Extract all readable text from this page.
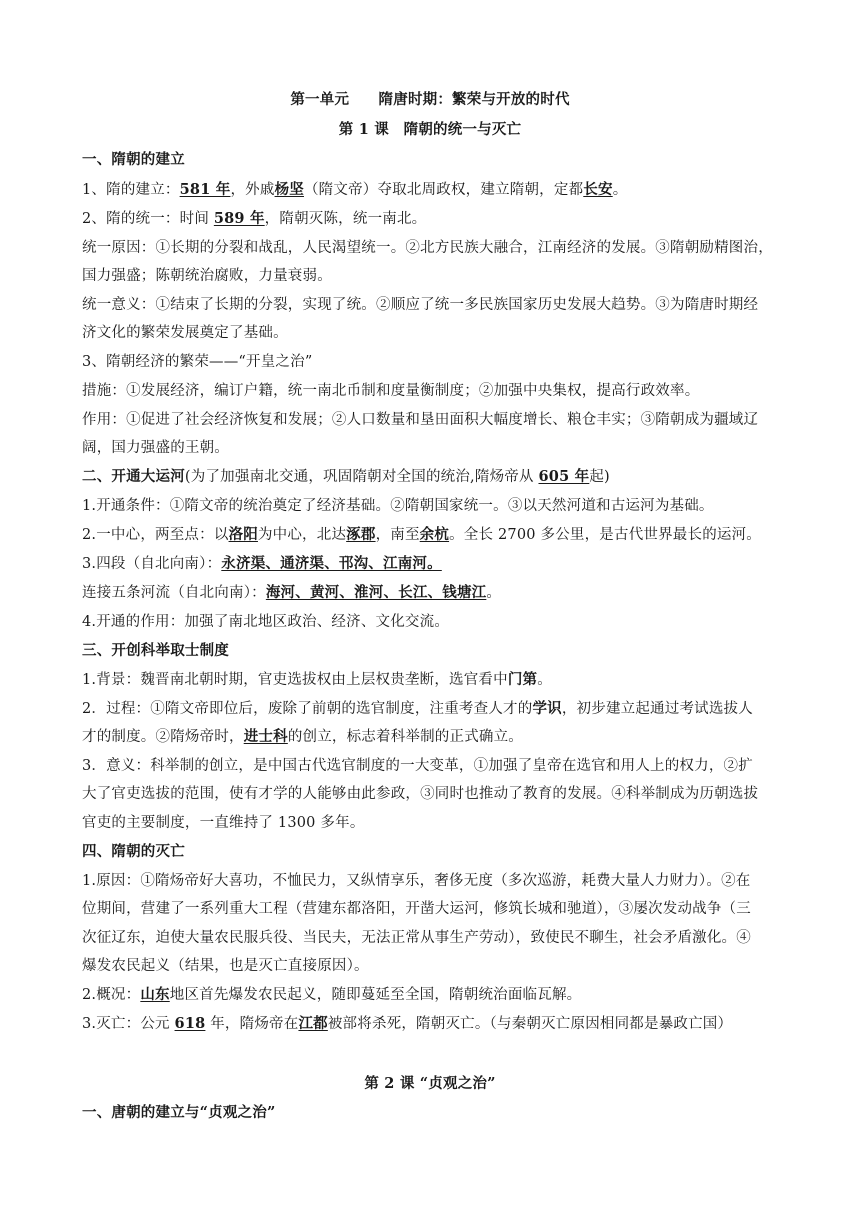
第一单元　　隋唐时期：繁荣与开放的时代
第 1 课　隋朝的统一与灭亡
一、隋朝的建立
1、隋的建立：581 年，外戚杨坚（隋文帝）夺取北周政权，建立隋朝，定都长安。
2、隋的统一：时间 589 年，隋朝灭陈，统一南北。
统一原因：①长期的分裂和战乱，人民渴望统一。②北方民族大融合，江南经济的发展。③隋朝励精图治，
国力强盛；陈朝统治腐败，力量衰弱。
统一意义：①结束了长期的分裂，实现了统。②顺应了统一多民族国家历史发展大趋势。③为隋唐时期经
济文化的繁荣发展奠定了基础。
3、隋朝经济的繁荣——“开皇之治”
措施：①发展经济，编订户籍，统一南北币制和度量衡制度；②加强中央集权，提高行政效率。
作用：①促进了社会经济恢复和发展；②人口数量和垦田面积大幅度增长、粮仓丰实；③隋朝成为疆域辽
阔，国力强盛的王朝。
二、开通大运河(为了加强南北交通，巩固隋朝对全国的统治,隋炀帝从 605 年起)
1.开通条件：①隋文帝的统治奠定了经济基础。②隋朝国家统一。③以天然河道和古运河为基础。
2.一中心，两至点：以洛阳为中心，北达涿郡，南至余杭。全长 2700 多公里，是古代世界最长的运河。
3.四段（自北向南）：永济渠、通济渠、邗沟、江南河。
连接五条河流（自北向南）：海河、黄河、淮河、长江、钱塘江。
4.开通的作用：加强了南北地区政治、经济、文化交流。
三、开创科举取士制度
1.背景：魏晋南北朝时期，官吏选拔权由上层权贵垄断，选官看中门第。
2．过程：①隋文帝即位后，废除了前朝的选官制度，注重考查人才的学识，初步建立起通过考试选拔人
才的制度。②隋炀帝时，进士科的创立，标志着科举制的正式确立。
3．意义：科举制的创立，是中国古代选官制度的一大变革，①加强了皇帝在选官和用人上的权力，②扩
大了官吏选拔的范围，使有才学的人能够由此参政，③同时也推动了教育的发展。④科举制成为历朝选拔
官吏的主要制度，一直维持了 1300 多年。
四、隋朝的灭亡
1.原因：①隋炀帝好大喜功，不恤民力，又纵情享乐，奢侈无度（多次巡游，耗费大量人力财力）。②在
位期间，营建了一系列重大工程（营建东都洛阳，开凿大运河，修筑长城和驰道），③屡次发动战争（三
次征辽东，迫使大量农民服兵役、当民夫，无法正常从事生产劳动），致使民不聊生，社会矛盾激化。④
爆发农民起义（结果，也是灭亡直接原因）。
2.概况：山东地区首先爆发农民起义，随即蔓延至全国，隋朝统治面临瓦解。
3.灭亡：公元 618 年，隋炀帝在江都被部将杀死，隋朝灭亡。（与秦朝灭亡原因相同都是暴政亡国）
第 2 课 “贞观之治”
一、唐朝的建立与“贞观之治”
